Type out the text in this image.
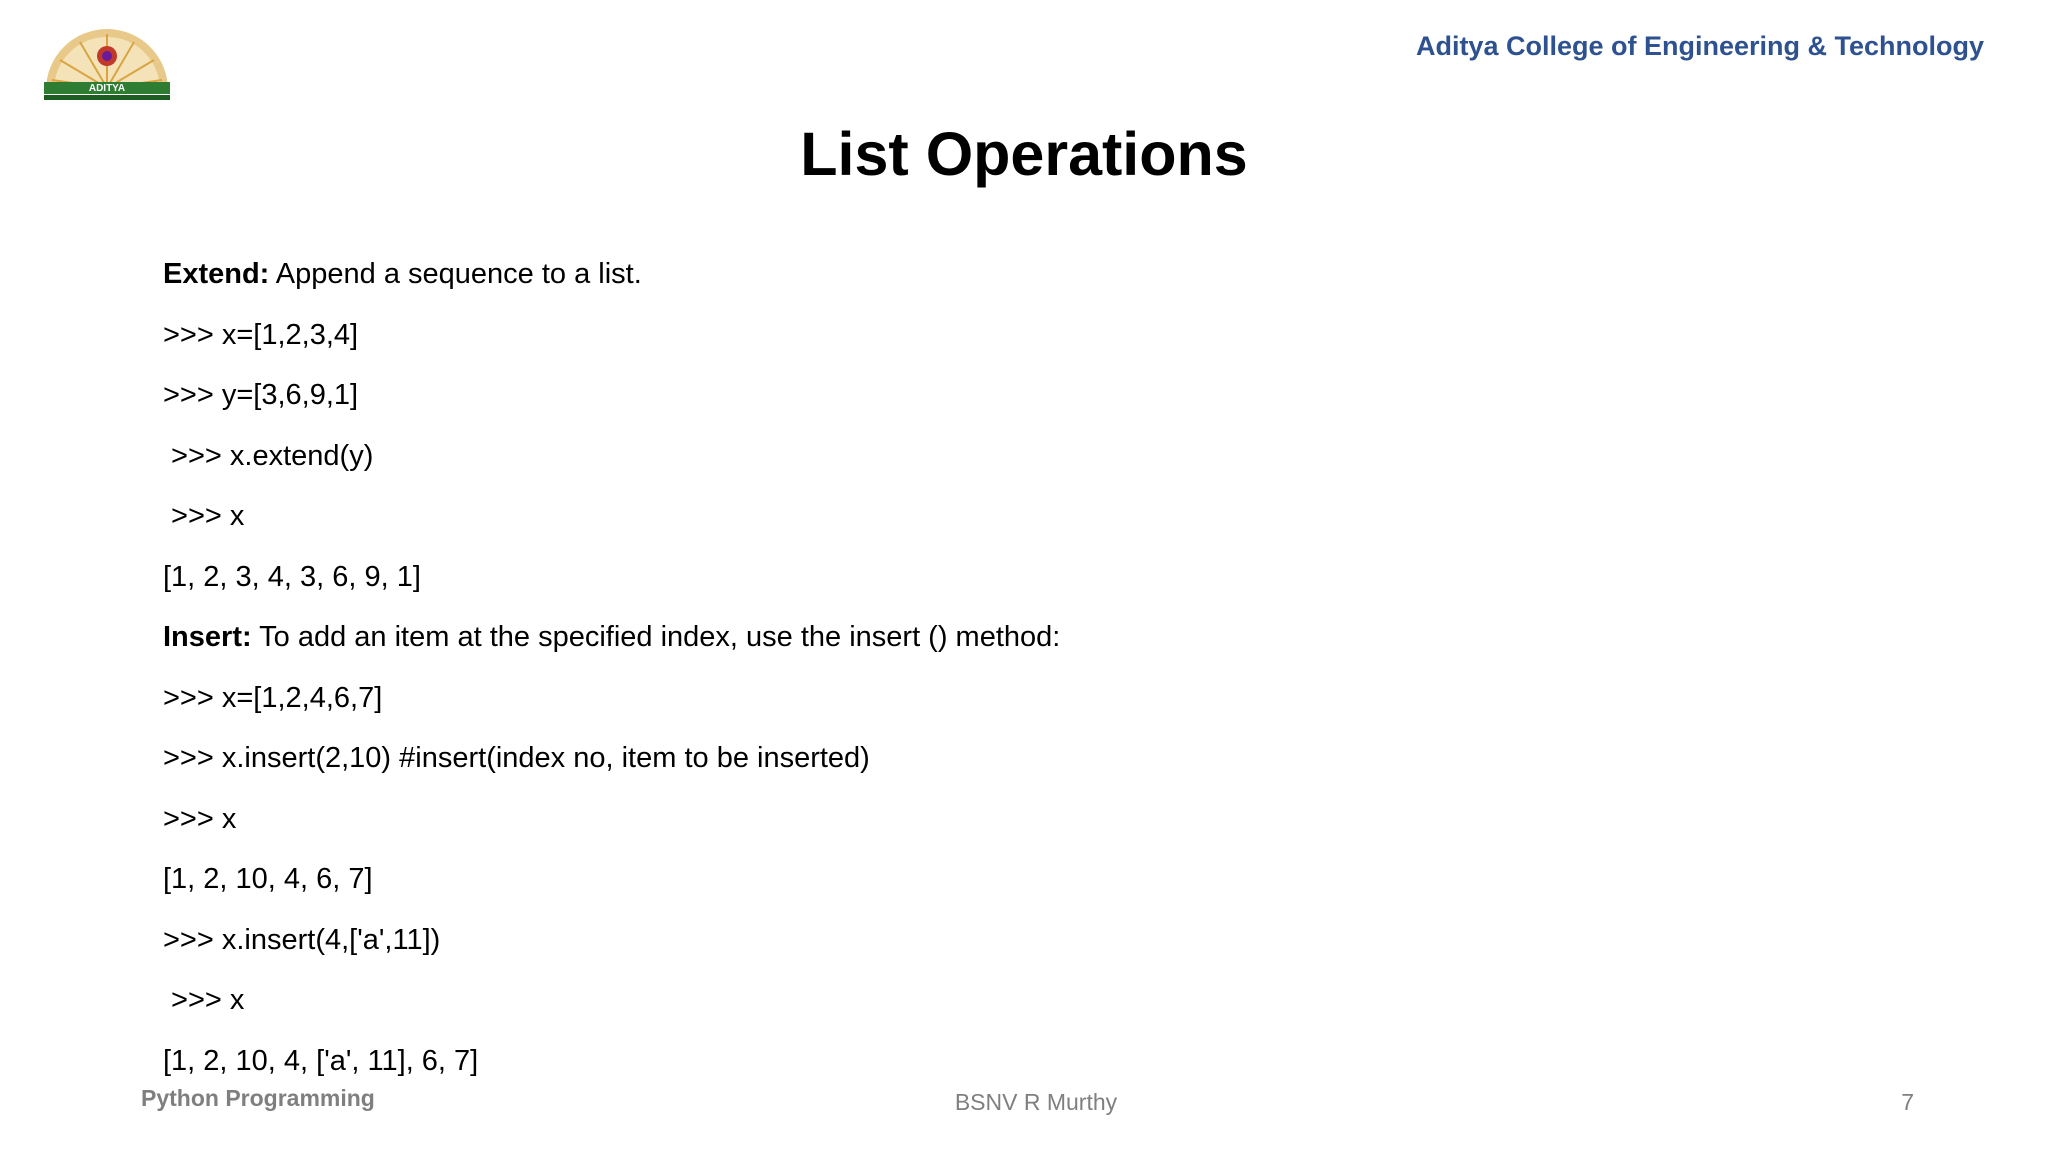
ADITYA
Aditya College of Engineering & Technology
List Operations
Extend: Append a sequence to a list.
>>> x=[1,2,3,4]
>>> y=[3,6,9,1]
>>> x.extend(y)
>>> x
[1, 2, 3, 4, 3, 6, 9, 1]
Insert: To add an item at the specified index, use the insert () method:
>>> x=[1,2,4,6,7]
>>> x.insert(2,10) #insert(index no, item to be inserted)
>>> x
[1, 2, 10, 4, 6, 7]
>>> x.insert(4,['a',11])
>>> x
[1, 2, 10, 4, ['a', 11], 6, 7]
Python Programming	BSNV R Murthy	7
